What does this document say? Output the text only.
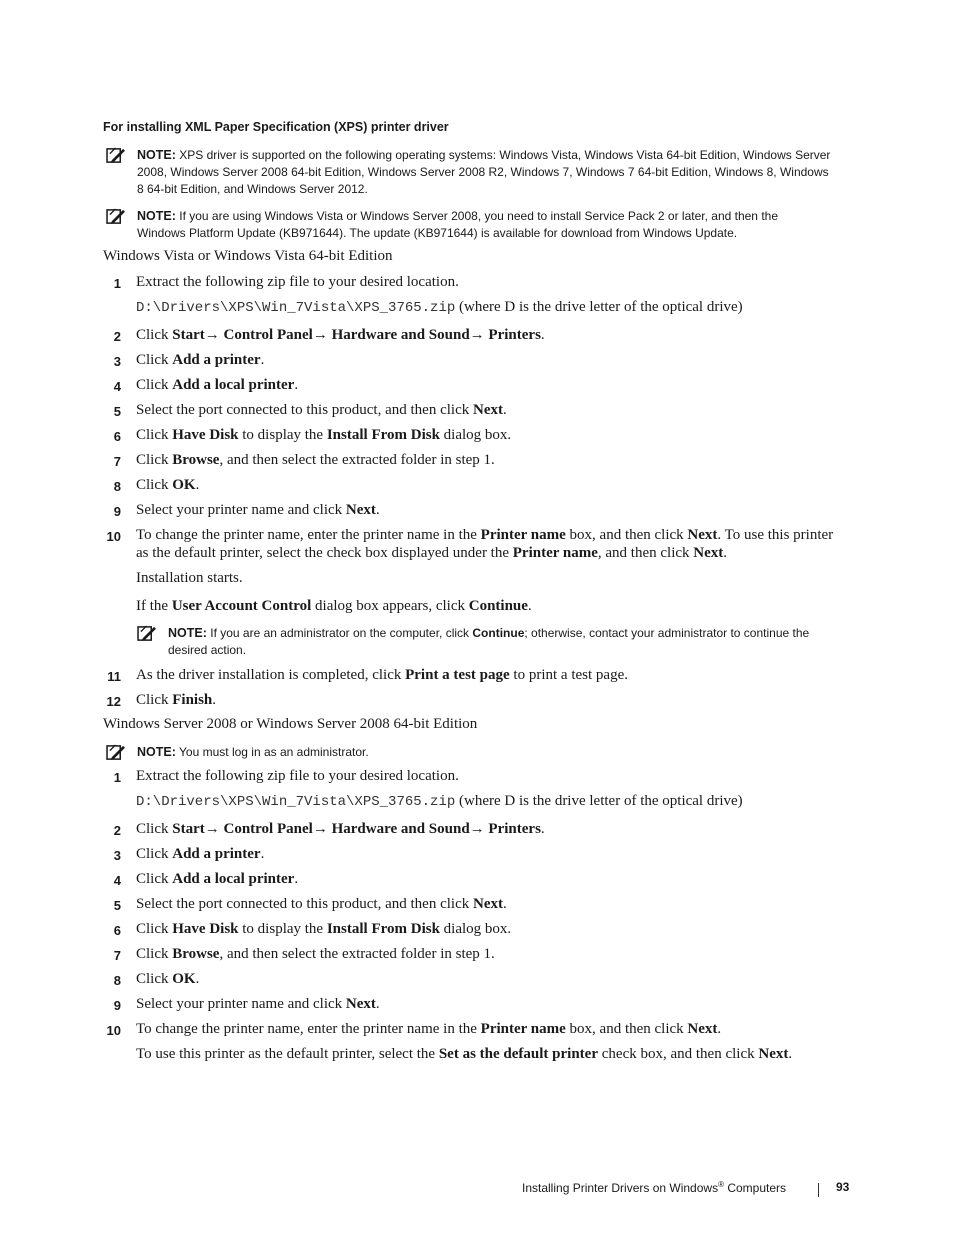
For installing XML Paper Specification (XPS) printer driver
NOTE: XPS driver is supported on the following operating systems: Windows Vista, Windows Vista 64-bit Edition, Windows Server 2008, Windows Server 2008 64-bit Edition, Windows Server 2008 R2, Windows 7, Windows 7 64-bit Edition, Windows 8, Windows 8 64-bit Edition, and Windows Server 2012.
NOTE: If you are using Windows Vista or Windows Server 2008, you need to install Service Pack 2 or later, and then the Windows Platform Update (KB971644). The update (KB971644) is available for download from Windows Update.
Windows Vista or Windows Vista 64-bit Edition
1 Extract the following zip file to your desired location.
D:\Drivers\XPS\Win_7Vista\XPS_3765.zip (where D is the drive letter of the optical drive)
2 Click Start→ Control Panel→ Hardware and Sound→ Printers.
3 Click Add a printer.
4 Click Add a local printer.
5 Select the port connected to this product, and then click Next.
6 Click Have Disk to display the Install From Disk dialog box.
7 Click Browse, and then select the extracted folder in step 1.
8 Click OK.
9 Select your printer name and click Next.
10 To change the printer name, enter the printer name in the Printer name box, and then click Next. To use this printer as the default printer, select the check box displayed under the Printer name, and then click Next.
Installation starts.
If the User Account Control dialog box appears, click Continue.
NOTE: If you are an administrator on the computer, click Continue; otherwise, contact your administrator to continue the desired action.
11 As the driver installation is completed, click Print a test page to print a test page.
12 Click Finish.
Windows Server 2008 or Windows Server 2008 64-bit Edition
NOTE: You must log in as an administrator.
1 Extract the following zip file to your desired location.
D:\Drivers\XPS\Win_7Vista\XPS_3765.zip (where D is the drive letter of the optical drive)
2 Click Start→ Control Panel→ Hardware and Sound→ Printers.
3 Click Add a printer.
4 Click Add a local printer.
5 Select the port connected to this product, and then click Next.
6 Click Have Disk to display the Install From Disk dialog box.
7 Click Browse, and then select the extracted folder in step 1.
8 Click OK.
9 Select your printer name and click Next.
10 To change the printer name, enter the printer name in the Printer name box, and then click Next.
To use this printer as the default printer, select the Set as the default printer check box, and then click Next.
Installing Printer Drivers on Windows® Computers	93
